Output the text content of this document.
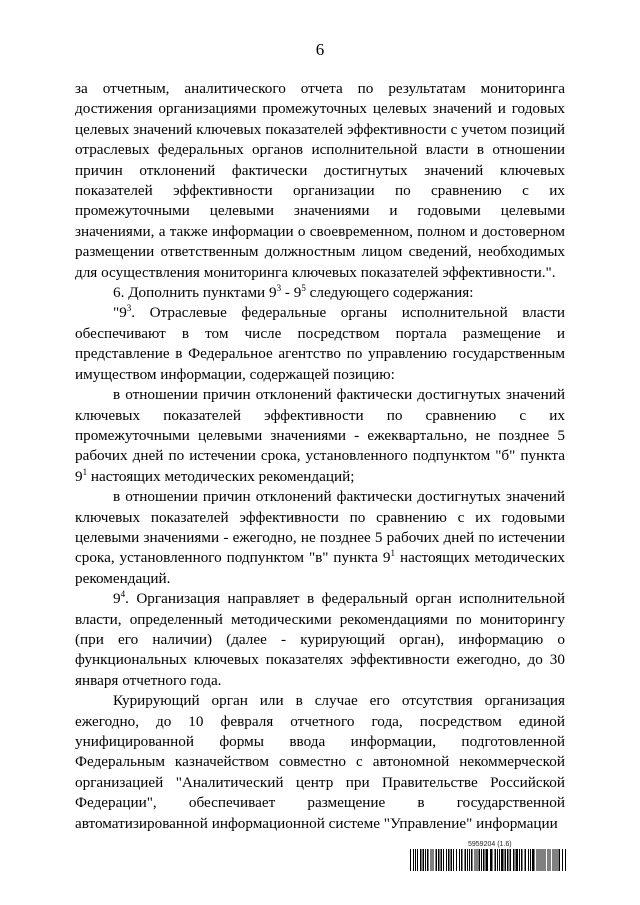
6

за отчетным, аналитического отчета по результатам мониторинга достижения организациями промежуточных целевых значений и годовых целевых значений ключевых показателей эффективности с учетом позиций отраслевых федеральных органов исполнительной власти в отношении причин отклонений фактически достигнутых значений ключевых показателей эффективности организации по сравнению с их промежуточными целевыми значениями и годовыми целевыми значениями, а также информации о своевременном, полном и достоверном размещении ответственным должностным лицом сведений, необходимых для осуществления мониторинга ключевых показателей эффективности.".

6. Дополнить пунктами $9^3 - 9^5$ следующего содержания:

"$9^3$. Отраслевые федеральные органы исполнительной власти обеспечивают в том числе посредством портала размещение и представление в Федеральное агентство по управлению государственным имуществом информации, содержащей позицию:

в отношении причин отклонений фактически достигнутых значений ключевых показателей эффективности по сравнению с их промежуточными целевыми значениями - ежеквартально, не позднее 5 рабочих дней по истечении срока, установленного подпунктом "б" пункта $9^1$ настоящих методических рекомендаций;

в отношении причин отклонений фактически достигнутых значений ключевых показателей эффективности по сравнению с их годовыми целевыми значениями - ежегодно, не позднее 5 рабочих дней по истечении срока, установленного подпунктом "в" пункта $9^1$ настоящих методических рекомендаций.

$9^4$. Организация направляет в федеральный орган исполнительной власти, определенный методическими рекомендациями по мониторингу (при его наличии) (далее - курирующий орган), информацию о функциональных ключевых показателях эффективности ежегодно, до 30 января отчетного года.

Курирующий орган или в случае его отсутствия организация ежегодно, до 10 февраля отчетного года, посредством единой унифицированной формы ввода информации, подготовленной Федеральным казначейством совместно с автономной некоммерческой организацией "Аналитический центр при Правительстве Российской Федерации", обеспечивает размещение в государственной автоматизированной информационной системе "Управление" информации

5959204 (1.6)
